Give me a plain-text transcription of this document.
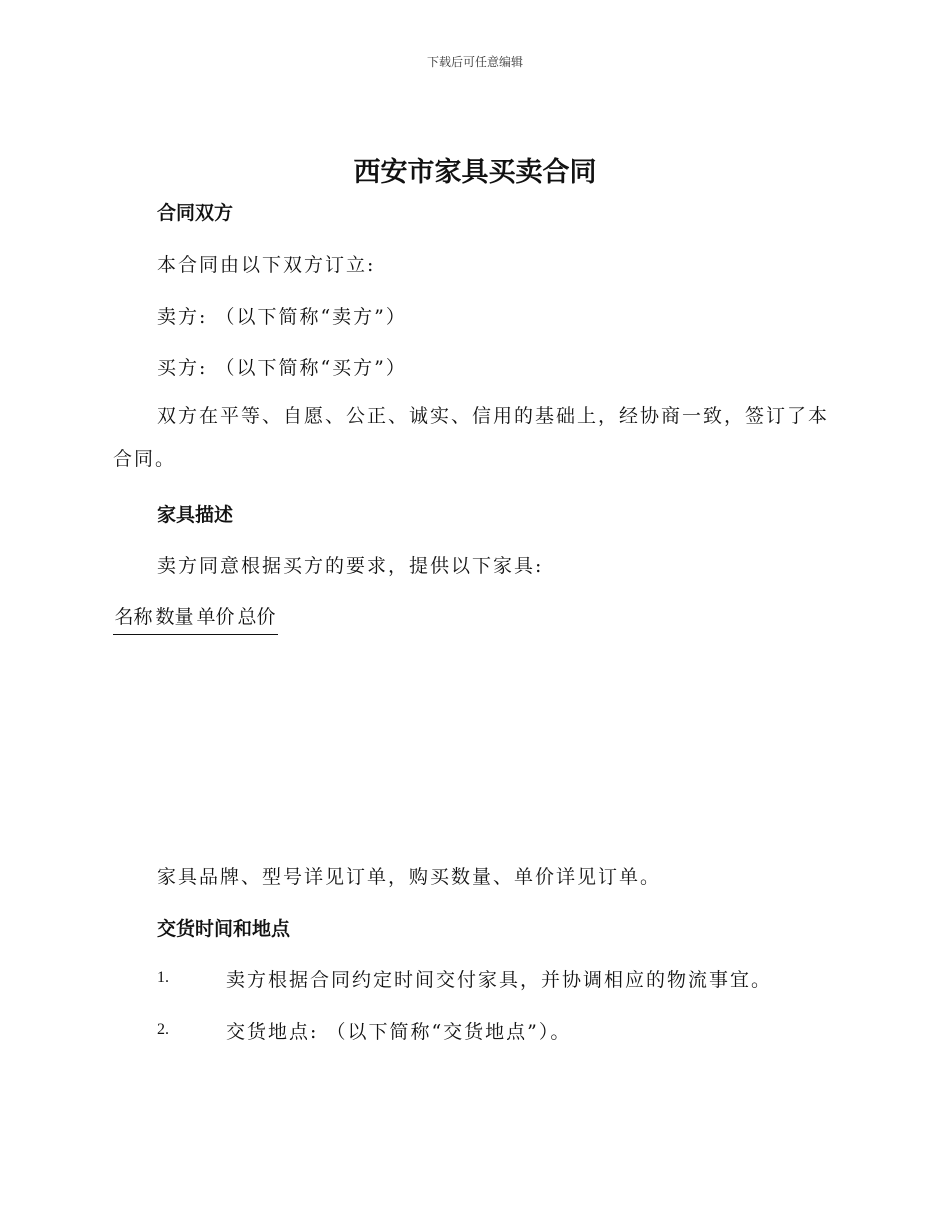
下载后可任意编辑
西安市家具买卖合同
合同双方
本合同由以下双方订立:
卖方: （以下简称“卖方”）
买方: （以下简称“买方”）
双方在平等、自愿、公正、诚实、信用的基础上，经协商一致，签订了本合同。
家具描述
卖方同意根据买方的要求，提供以下家具:
名称 数量 单价 总价
家具品牌、型号详见订单，购买数量、单价详见订单。
交货时间和地点
1.	卖方根据合同约定时间交付家具，并协调相应的物流事宜。
2.	交货地点: （以下简称“交货地点”）。
